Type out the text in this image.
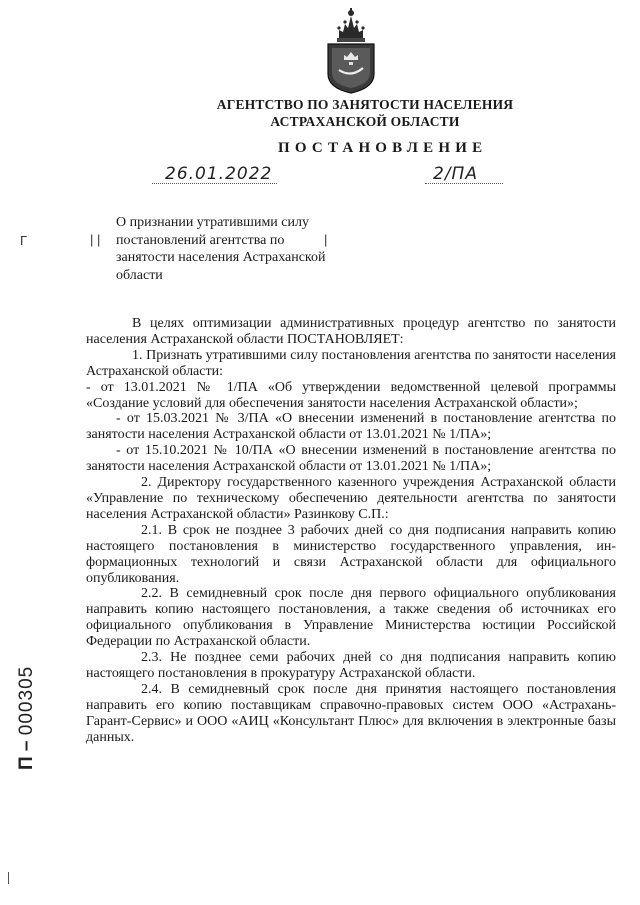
АГЕНТСТВО ПО ЗАНЯТОСТИ НАСЕЛЕНИЯ
АСТРАХАНСКОЙ ОБЛАСТИ
ПОСТАНОВЛЕНИЕ
26.01.2022	2/ПА
Г	| |	|
О признании утратившими силу постановлений агентства по занятости населения Астраханской области

В целях оптимизации административных процедур агентство по занятости населения Астраханской области ПОСТАНОВЛЯЕТ:

1. Признать утратившими силу постановления агентства по занятости населения Астраханской области:

- от 13.01.2021 № 1/ПА «Об утверждении ведомственной целевой программы «Создание условий для обеспечения занятости населения Астраханской области»;

- от 15.03.2021 № 3/ПА «О внесении изменений в постановление агентства по занятости населения Астраханской области от 13.01.2021 № 1/ПА»;

- от 15.10.2021 № 10/ПА «О внесении изменений в постановление агентства по занятости населения Астраханской области от 13.01.2021 № 1/ПА»;

2. Директору государственного казенного учреждения Астраханской области «Управление по техническому обеспечению деятельности агентства по занятости населения Астраханской области» Разинкову С.П.:

2.1. В срок не позднее 3 рабочих дней со дня подписания направить копию настоящего постановления в министерство государственного управления, ин-формационных технологий и связи Астраханской области для официального опубликования.

2.2. В семидневный срок после дня первого официального опубликования направить копию настоящего постановления, а также сведения об источниках его официального опубликования в Управление Министерства юстиции Российской Федерации по Астраханской области.

2.3. Не позднее семи рабочих дней со дня подписания направить копию настоящего постановления в прокуратуру Астраханской области.

2.4. В семидневный срок после дня принятия настоящего постановления направить его копию поставщикам справочно-правовых систем ООО «Астрахань-Гарант-Сервис» и ООО «АИЦ «Консультант Плюс» для включения в электронные базы данных.

П – 000305
